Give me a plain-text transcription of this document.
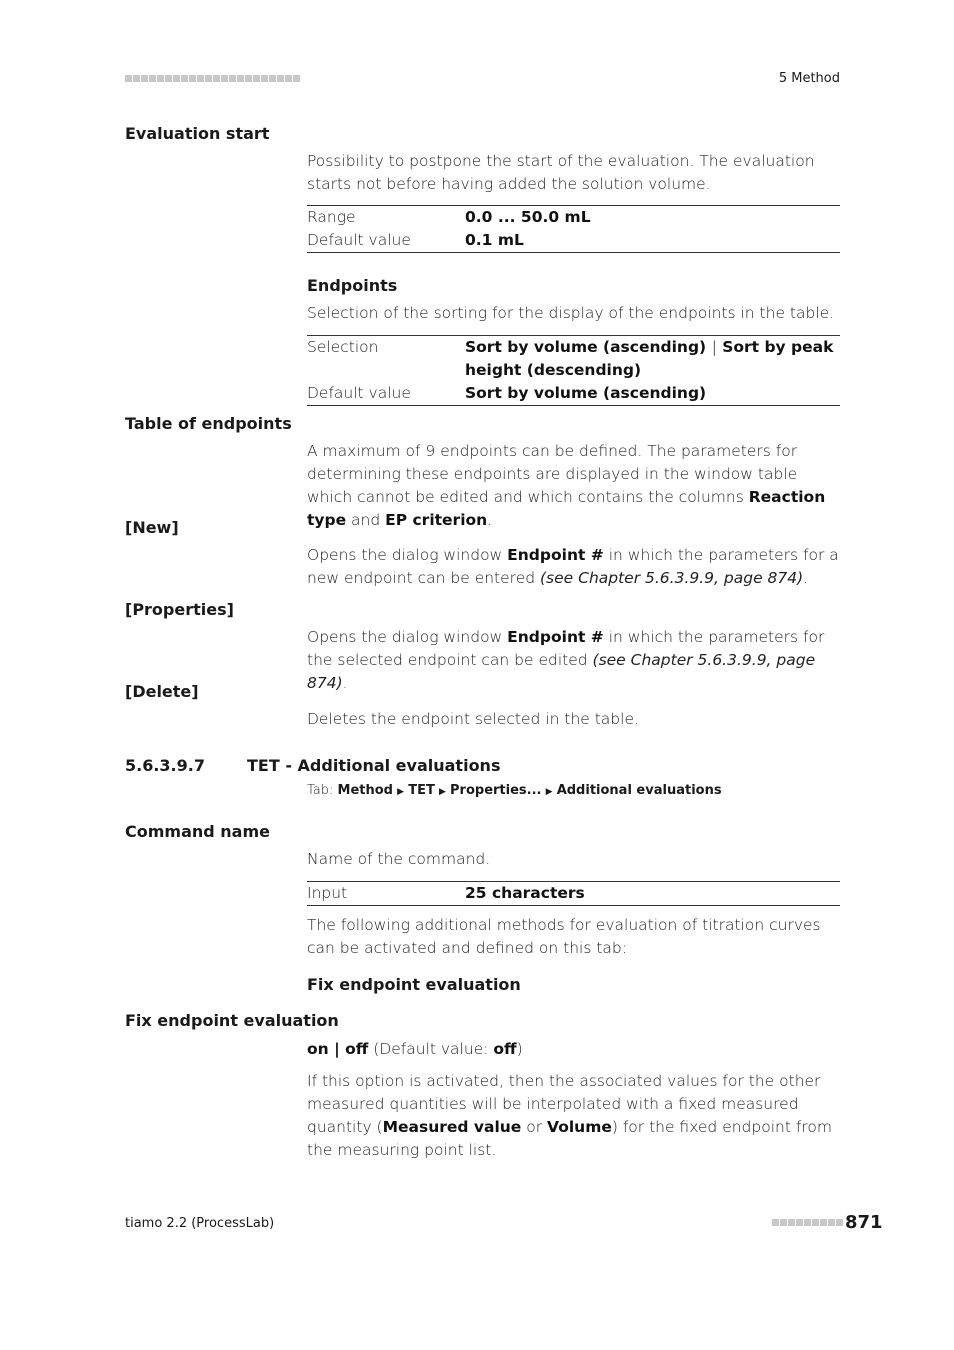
5 Method
Evaluation start
Possibility to postpone the start of the evaluation. The evaluation starts not before having added the solution volume.
Range	0.0 ... 50.0 mL
Default value	0.1 mL
Endpoints
Selection of the sorting for the display of the endpoints in the table.
Selection	Sort by volume (ascending) | Sort by peak height (descending)
Default value	Sort by volume (ascending)
Table of endpoints
A maximum of 9 endpoints can be defined. The parameters for determining these endpoints are displayed in the window table which cannot be edited and which contains the columns Reaction type and EP criterion.
[New]
Opens the dialog window Endpoint # in which the parameters for a new endpoint can be entered (see Chapter 5.6.3.9.9, page 874).
[Properties]
Opens the dialog window Endpoint # in which the parameters for the selected endpoint can be edited (see Chapter 5.6.3.9.9, page 874).
[Delete]
Deletes the endpoint selected in the table.
5.6.3.9.7	TET - Additional evaluations
Tab: Method ▶ TET ▶ Properties... ▶ Additional evaluations
Command name
Name of the command.
Input	25 characters
The following additional methods for evaluation of titration curves can be activated and defined on this tab:
Fix endpoint evaluation
Fix endpoint evaluation
on | off (Default value: off)
If this option is activated, then the associated values for the other measured quantities will be interpolated with a fixed measured quantity (Measured value or Volume) for the fixed endpoint from the measuring point list.
tiamo 2.2 (ProcessLab)	871
